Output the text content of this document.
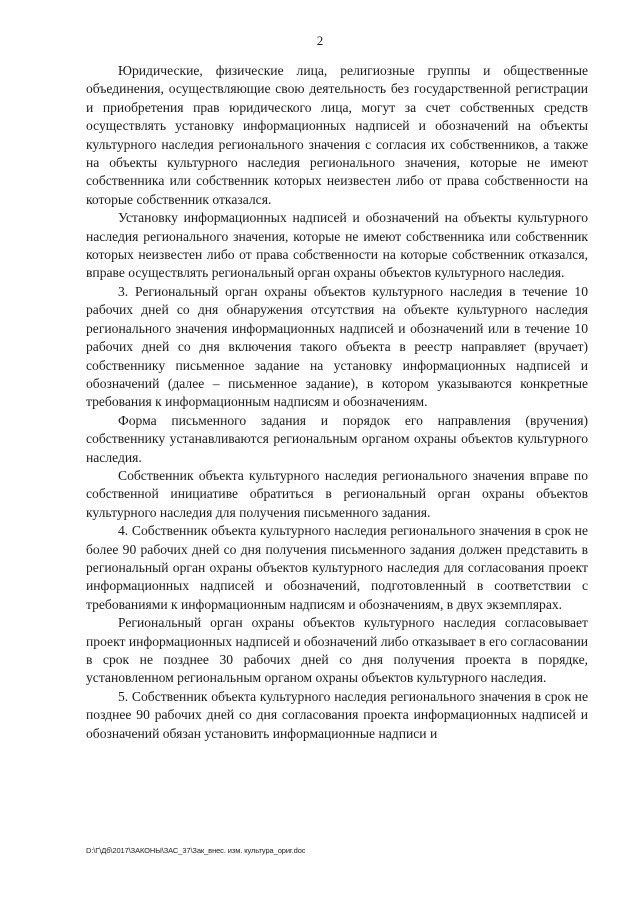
2

Юридические, физические лица, религиозные группы и общественные объединения, осуществляющие свою деятельность без государственной регистрации и приобретения прав юридического лица, могут за счет собственных средств осуществлять установку информационных надписей и обозначений на объекты культурного наследия регионального значения с согласия их собственников, а также на объекты культурного наследия регионального значения, которые не имеют собственника или собственник которых неизвестен либо от права собственности на которые собственник отказался.

Установку информационных надписей и обозначений на объекты культурного наследия регионального значения, которые не имеют собственника или собственник которых неизвестен либо от права собственности на которые собственник отказался, вправе осуществлять региональный орган охраны объектов культурного наследия.

3. Региональный орган охраны объектов культурного наследия в течение 10 рабочих дней со дня обнаружения отсутствия на объекте культурного наследия регионального значения информационных надписей и обозначений или в течение 10 рабочих дней со дня включения такого объекта в реестр направляет (вручает) собственнику письменное задание на установку информационных надписей и обозначений (далее – письменное задание), в котором указываются конкретные требования к информационным надписям и обозначениям.

Форма письменного задания и порядок его направления (вручения) собственнику устанавливаются региональным органом охраны объектов культурного наследия.

Собственник объекта культурного наследия регионального значения вправе по собственной инициативе обратиться в региональный орган охраны объектов культурного наследия для получения письменного задания.

4. Собственник объекта культурного наследия регионального значения в срок не более 90 рабочих дней со дня получения письменного задания должен представить в региональный орган охраны объектов культурного наследия для согласования проект информационных надписей и обозначений, подготовленный в соответствии с требованиями к информационным надписям и обозначениям, в двух экземплярах.

Региональный орган охраны объектов культурного наследия согласовывает проект информационных надписей и обозначений либо отказывает в его согласовании в срок не позднее 30 рабочих дней со дня получения проекта в порядке, установленном региональным органом охраны объектов культурного наследия.

5. Собственник объекта культурного наследия регионального значения в срок не позднее 90 рабочих дней со дня согласования проекта информационных надписей и обозначений обязан установить информационные надписи и

D:\Г\Дб\2017\ЗАКОНЫ\ЗАС_37\Зак_внес. изм. культура_ориг.doc
